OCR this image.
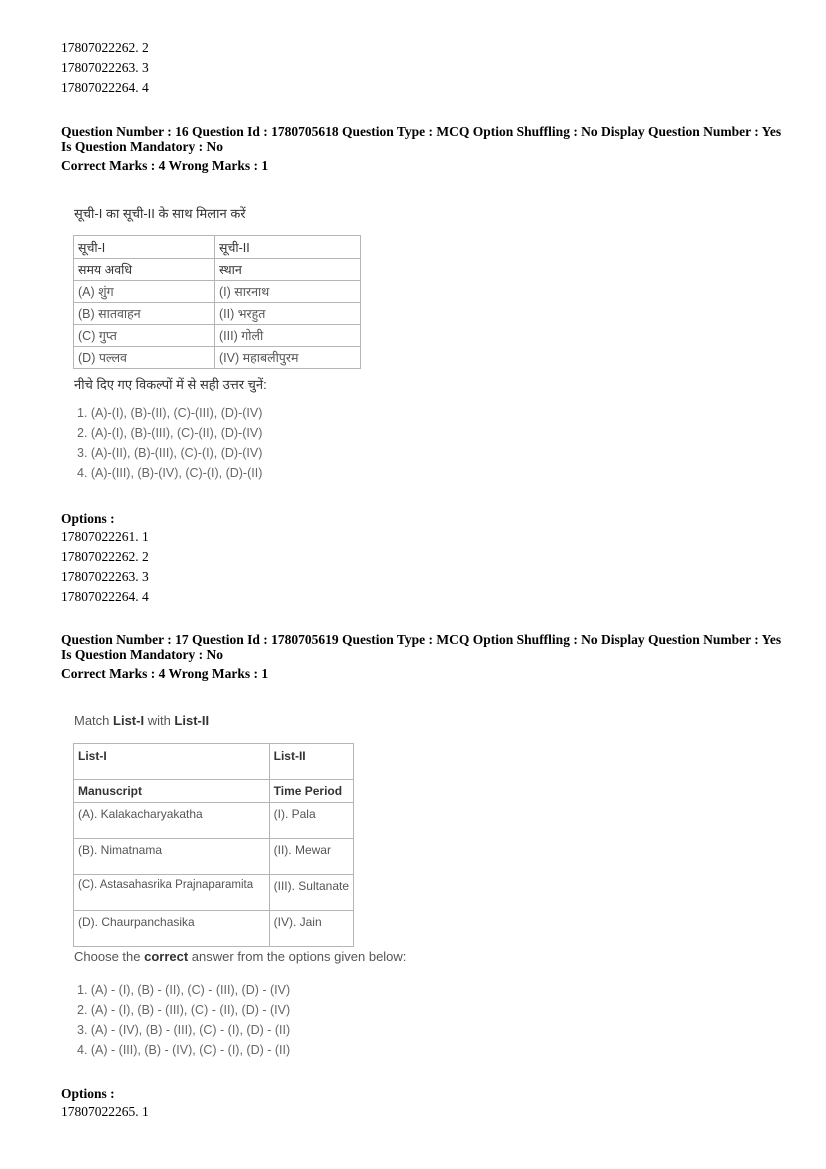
17807022262. 2
17807022263. 3
17807022264. 4
Question Number : 16 Question Id : 1780705618 Question Type : MCQ Option Shuffling : No Display Question Number : Yes
Is Question Mandatory : No
Correct Marks : 4 Wrong Marks : 1
सूची-I का सूची-II के साथ मिलान करें
सूची-I	सूची-II
समय अवधि	स्थान
(A) शुंग	(I) सारनाथ
(B) सातवाहन	(II) भरहुत
(C) गुप्त	(III) गोली
(D) पल्लव	(IV) महाबलीपुरम
नीचे दिए गए विकल्पों में से सही उत्तर चुनें:
1. (A)-(I), (B)-(II), (C)-(III), (D)-(IV)
2. (A)-(I), (B)-(III), (C)-(II), (D)-(IV)
3. (A)-(II), (B)-(III), (C)-(I), (D)-(IV)
4. (A)-(III), (B)-(IV), (C)-(I), (D)-(II)
Options :
17807022261. 1
17807022262. 2
17807022263. 3
17807022264. 4
Question Number : 17 Question Id : 1780705619 Question Type : MCQ Option Shuffling : No Display Question Number : Yes
Is Question Mandatory : No
Correct Marks : 4 Wrong Marks : 1
Match List-I with List-II
List-I	List-II
Manuscript	Time Period
(A). Kalakacharyakatha	(I). Pala
(B). Nimatnama	(II). Mewar
(C). Astasahasrika Prajnaparamita	(III). Sultanate
(D). Chaurpanchasika	(IV). Jain
Choose the correct answer from the options given below:
1. (A) - (I), (B) - (II), (C) - (III), (D) - (IV)
2. (A) - (I), (B) - (III), (C) - (II), (D) - (IV)
3. (A) - (IV), (B) - (III), (C) - (I), (D) - (II)
4. (A) - (III), (B) - (IV), (C) - (I), (D) - (II)
Options :
17807022265. 1
